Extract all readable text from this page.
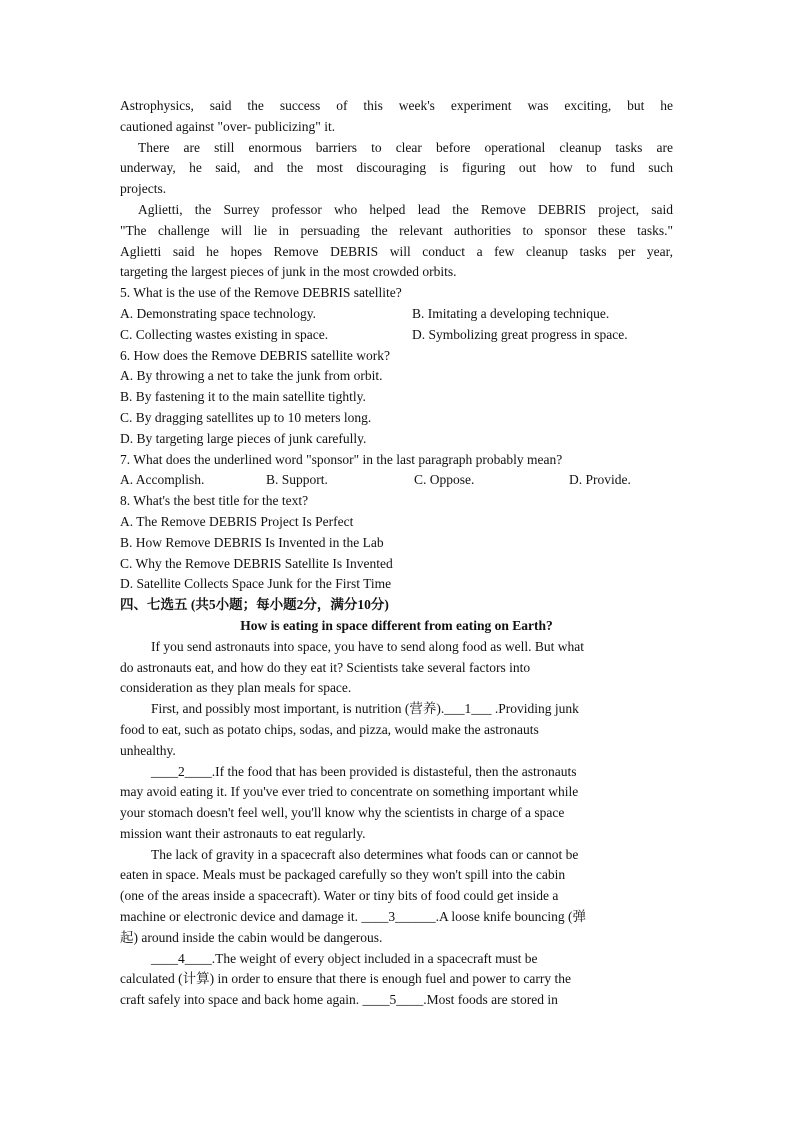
Astrophysics, said the success of this week's experiment was exciting, but he
cautioned against "over- publicizing" it.
There are still enormous barriers to clear before operational cleanup tasks are
underway, he said, and the most discouraging is figuring out how to fund such
projects.
Aglietti, the Surrey professor who helped lead the Remove DEBRIS project, said
"The challenge will lie in persuading the relevant authorities to sponsor these tasks."
Aglietti said he hopes Remove DEBRIS will conduct a few cleanup tasks per year,
targeting the largest pieces of junk in the most crowded orbits.
5. What is the use of the Remove DEBRIS satellite?
A. Demonstrating space technology.	B. Imitating a developing technique.
C. Collecting wastes existing in space.	D. Symbolizing great progress in space.
6. How does the Remove DEBRIS satellite work?
A. By throwing a net to take the junk from orbit.
B. By fastening it to the main satellite tightly.
C. By dragging satellites up to 10 meters long.
D. By targeting large pieces of junk carefully.
7. What does the underlined word "sponsor" in the last paragraph probably mean?
A. Accomplish.	B. Support.	C. Oppose.	D. Provide.
8. What's the best title for the text?
A. The Remove DEBRIS Project Is Perfect
B. How Remove DEBRIS Is Invented in the Lab
C. Why the Remove DEBRIS Satellite Is Invented
D. Satellite Collects Space Junk for the First Time
四、七选五 (共5小题；每小题2分，满分10分)
How is eating in space different from eating on Earth?
If you send astronauts into space, you have to send along food as well. But what
do astronauts eat, and how do they eat it? Scientists take several factors into
consideration as they plan meals for space.
First, and possibly most important, is nutrition (营养).___1___ .Providing junk
food to eat, such as potato chips, sodas, and pizza, would make the astronauts
unhealthy.
____2____.If the food that has been provided is distasteful, then the astronauts
may avoid eating it. If you've ever tried to concentrate on something important while
your stomach doesn't feel well, you'll know why the scientists in charge of a space
mission want their astronauts to eat regularly.
The lack of gravity in a spacecraft also determines what foods can or cannot be
eaten in space. Meals must be packaged carefully so they won't spill into the cabin
(one of the areas inside a spacecraft). Water or tiny bits of food could get inside a
machine or electronic device and damage it. ____3______.A loose knife bouncing (弹
起) around inside the cabin would be dangerous.
____4____.The weight of every object included in a spacecraft must be
calculated (计算) in order to ensure that there is enough fuel and power to carry the
craft safely into space and back home again. ____5____.Most foods are stored in
